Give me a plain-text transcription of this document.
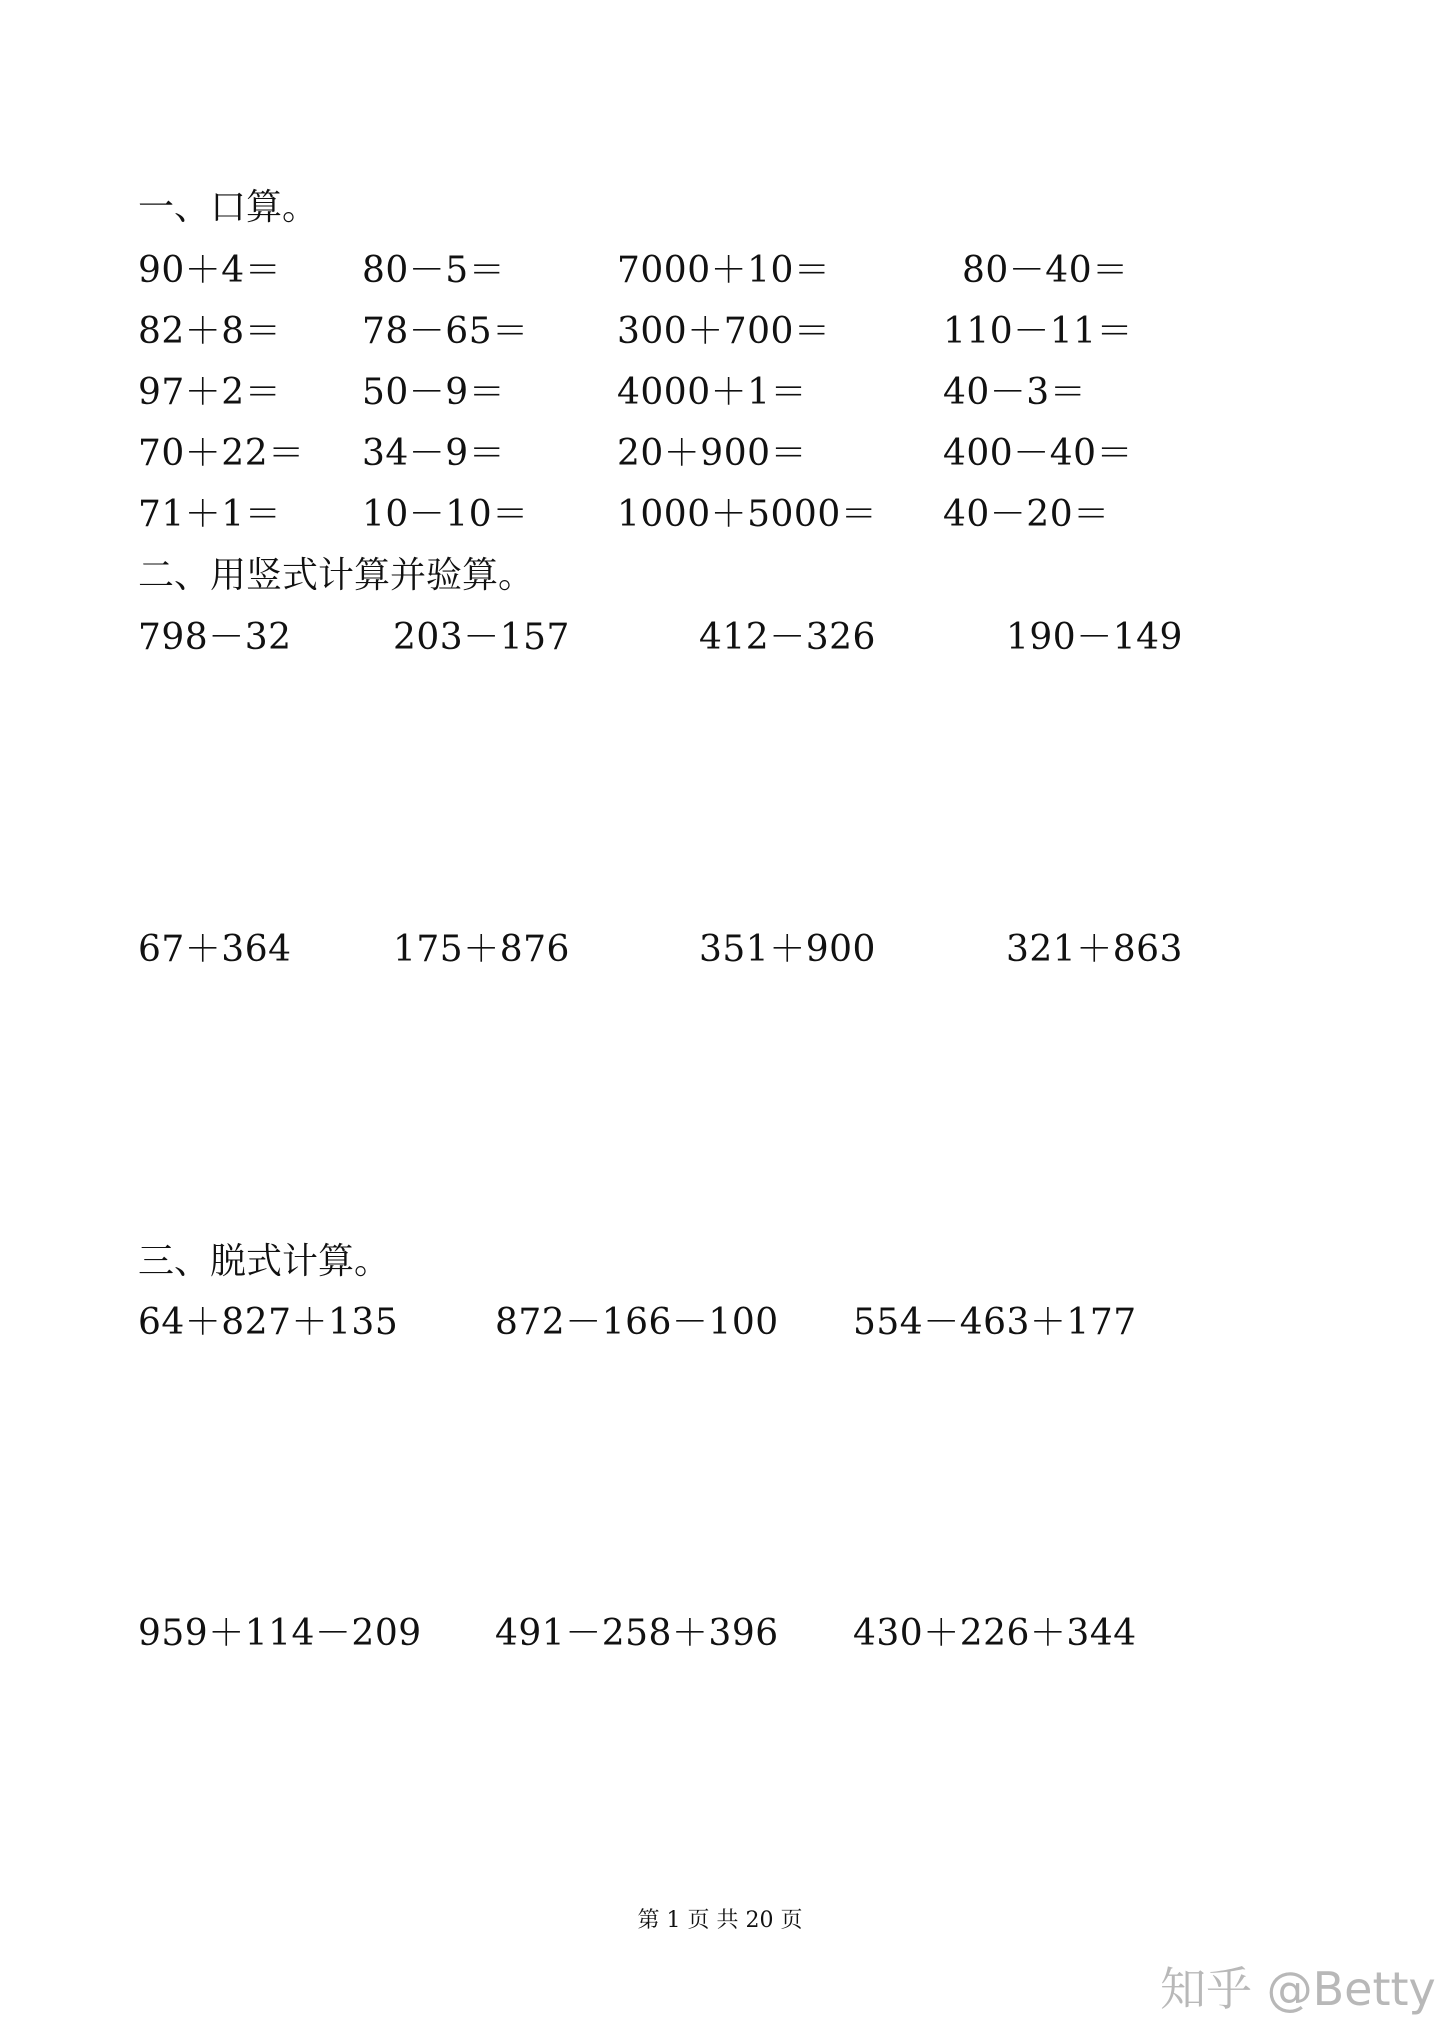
一、口算。
90＋4＝ 80－5＝	7000＋10＝	80－40＝
82＋8＝ 78－65＝ 300＋700＝	110－11＝
97＋2＝ 50－9＝	4000＋1＝	40－3＝
70＋22＝ 34－9＝	20＋900＝	400－40＝
71＋1＝ 10－10＝ 1000＋5000＝ 40－20＝
二、用竖式计算并验算。
798－32	203－157	412－326	190－149
67＋364	175＋876	351＋900	321＋863
三、脱式计算。
64＋827＋135	872－166－100 554－463＋177
959＋114－209 491－258＋396 430＋226＋344
第 1 页 共 20 页
知乎 @Betty
